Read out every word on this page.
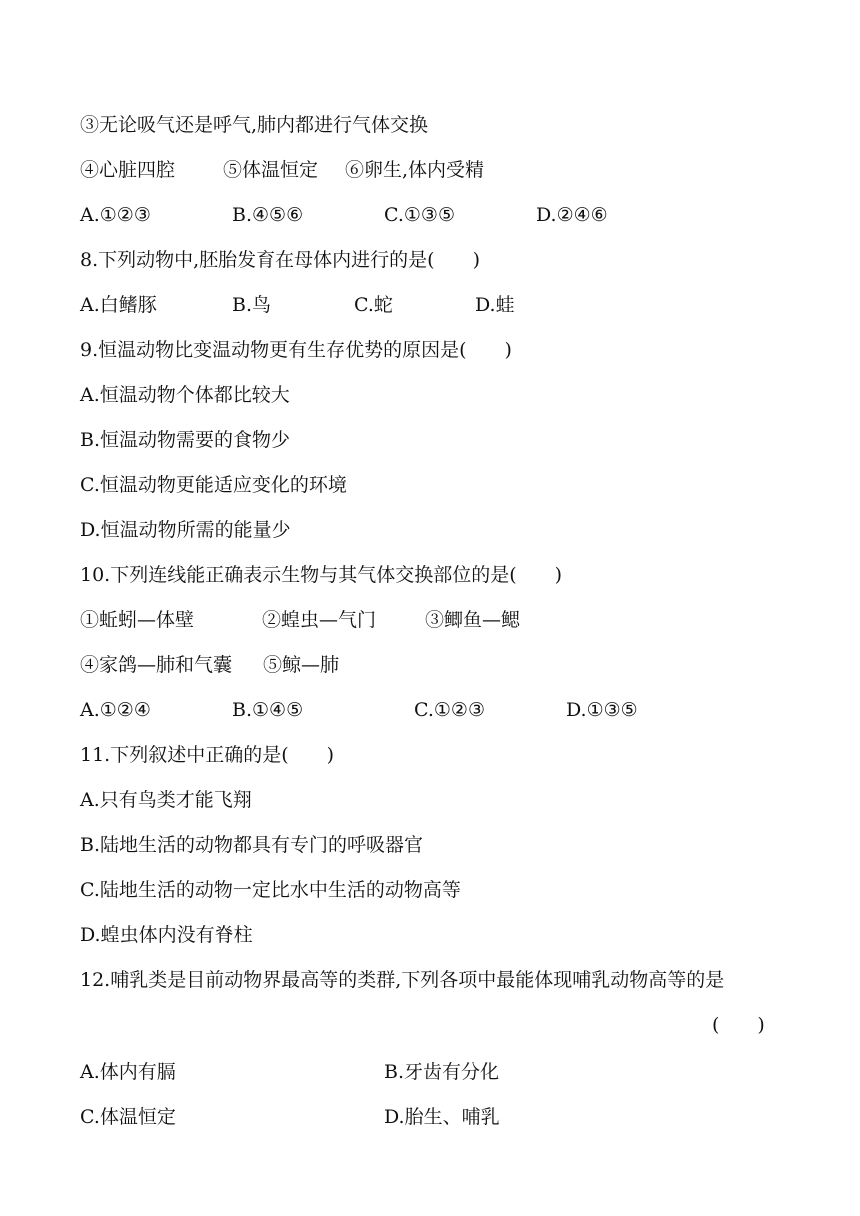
③无论吸气还是呼气,肺内都进行气体交换
④心脏四腔	⑤体温恒定 ⑥卵生,体内受精
A.①②③	B.④⑤⑥	C.①③⑤	D.②④⑥
8.下列动物中,胚胎发育在母体内进行的是(　　)
A.白鳍豚	B.鸟	C.蛇	D.蛙
9.恒温动物比变温动物更有生存优势的原因是(　　)
A.恒温动物个体都比较大
B.恒温动物需要的食物少
C.恒温动物更能适应变化的环境
D.恒温动物所需的能量少
10.下列连线能正确表示生物与其气体交换部位的是(　　)
①蚯蚓—体壁	②蝗虫—气门	③鲫鱼—鳃
④家鸽—肺和气囊 ⑤鲸—肺
A.①②④	B.①④⑤	C.①②③	D.①③⑤
11.下列叙述中正确的是(　　)
A.只有鸟类才能飞翔
B.陆地生活的动物都具有专门的呼吸器官
C.陆地生活的动物一定比水中生活的动物高等
D.蝗虫体内没有脊柱
12.哺乳类是目前动物界最高等的类群,下列各项中最能体现哺乳动物高等的是
(　　)
A.体内有膈	B.牙齿有分化
C.体温恒定	D.胎生、哺乳
